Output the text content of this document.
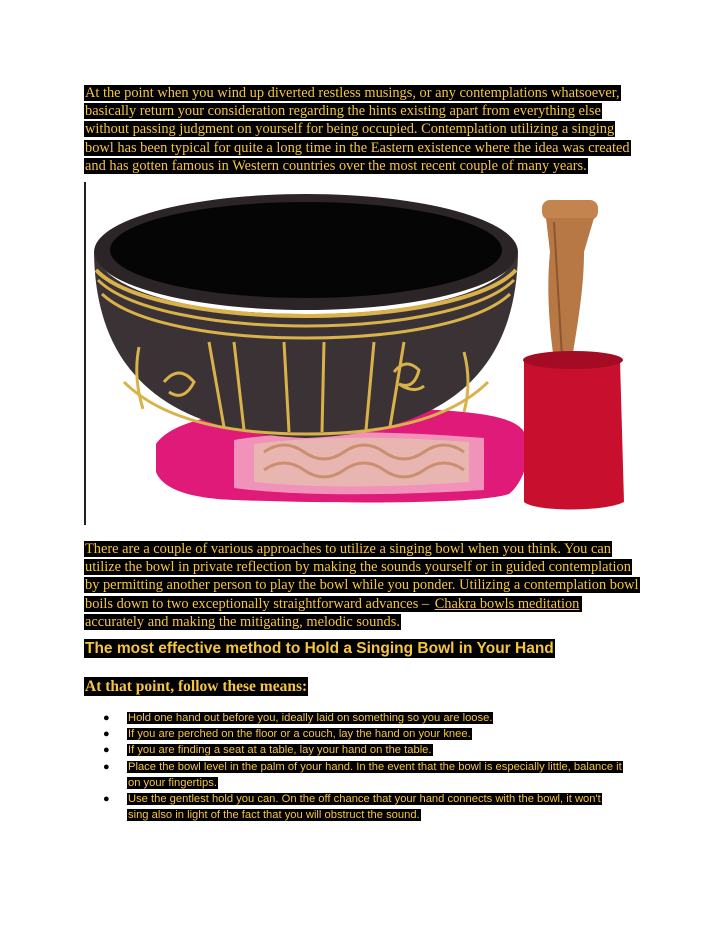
At the point when you wind up diverted restless musings, or any contemplations whatsoever, basically return your consideration regarding the hints existing apart from everything else without passing judgment on yourself for being occupied. Contemplation utilizing a singing bowl has been typical for quite a long time in the Eastern existence where the idea was created and has gotten famous in Western countries over the most recent couple of many years.

There are a couple of various approaches to utilize a singing bowl when you think. You can utilize the bowl in private reflection by making the sounds yourself or in guided contemplation by permitting another person to play the bowl while you ponder. Utilizing a contemplation bowl boils down to two exceptionally straightforward advances – Chakra bowls meditation accurately and making the mitigating, melodic sounds.

The most effective method to Hold a Singing Bowl in Your Hand
At that point, follow these means:
● Hold one hand out before you, ideally laid on something so you are loose.
● If you are perched on the floor or a couch, lay the hand on your knee.
● If you are finding a seat at a table, lay your hand on the table.
● Place the bowl level in the palm of your hand. In the event that the bowl is especially little, balance it on your fingertips.
● Use the gentlest hold you can. On the off chance that your hand connects with the bowl, it won't sing also in light of the fact that you will obstruct the sound.
